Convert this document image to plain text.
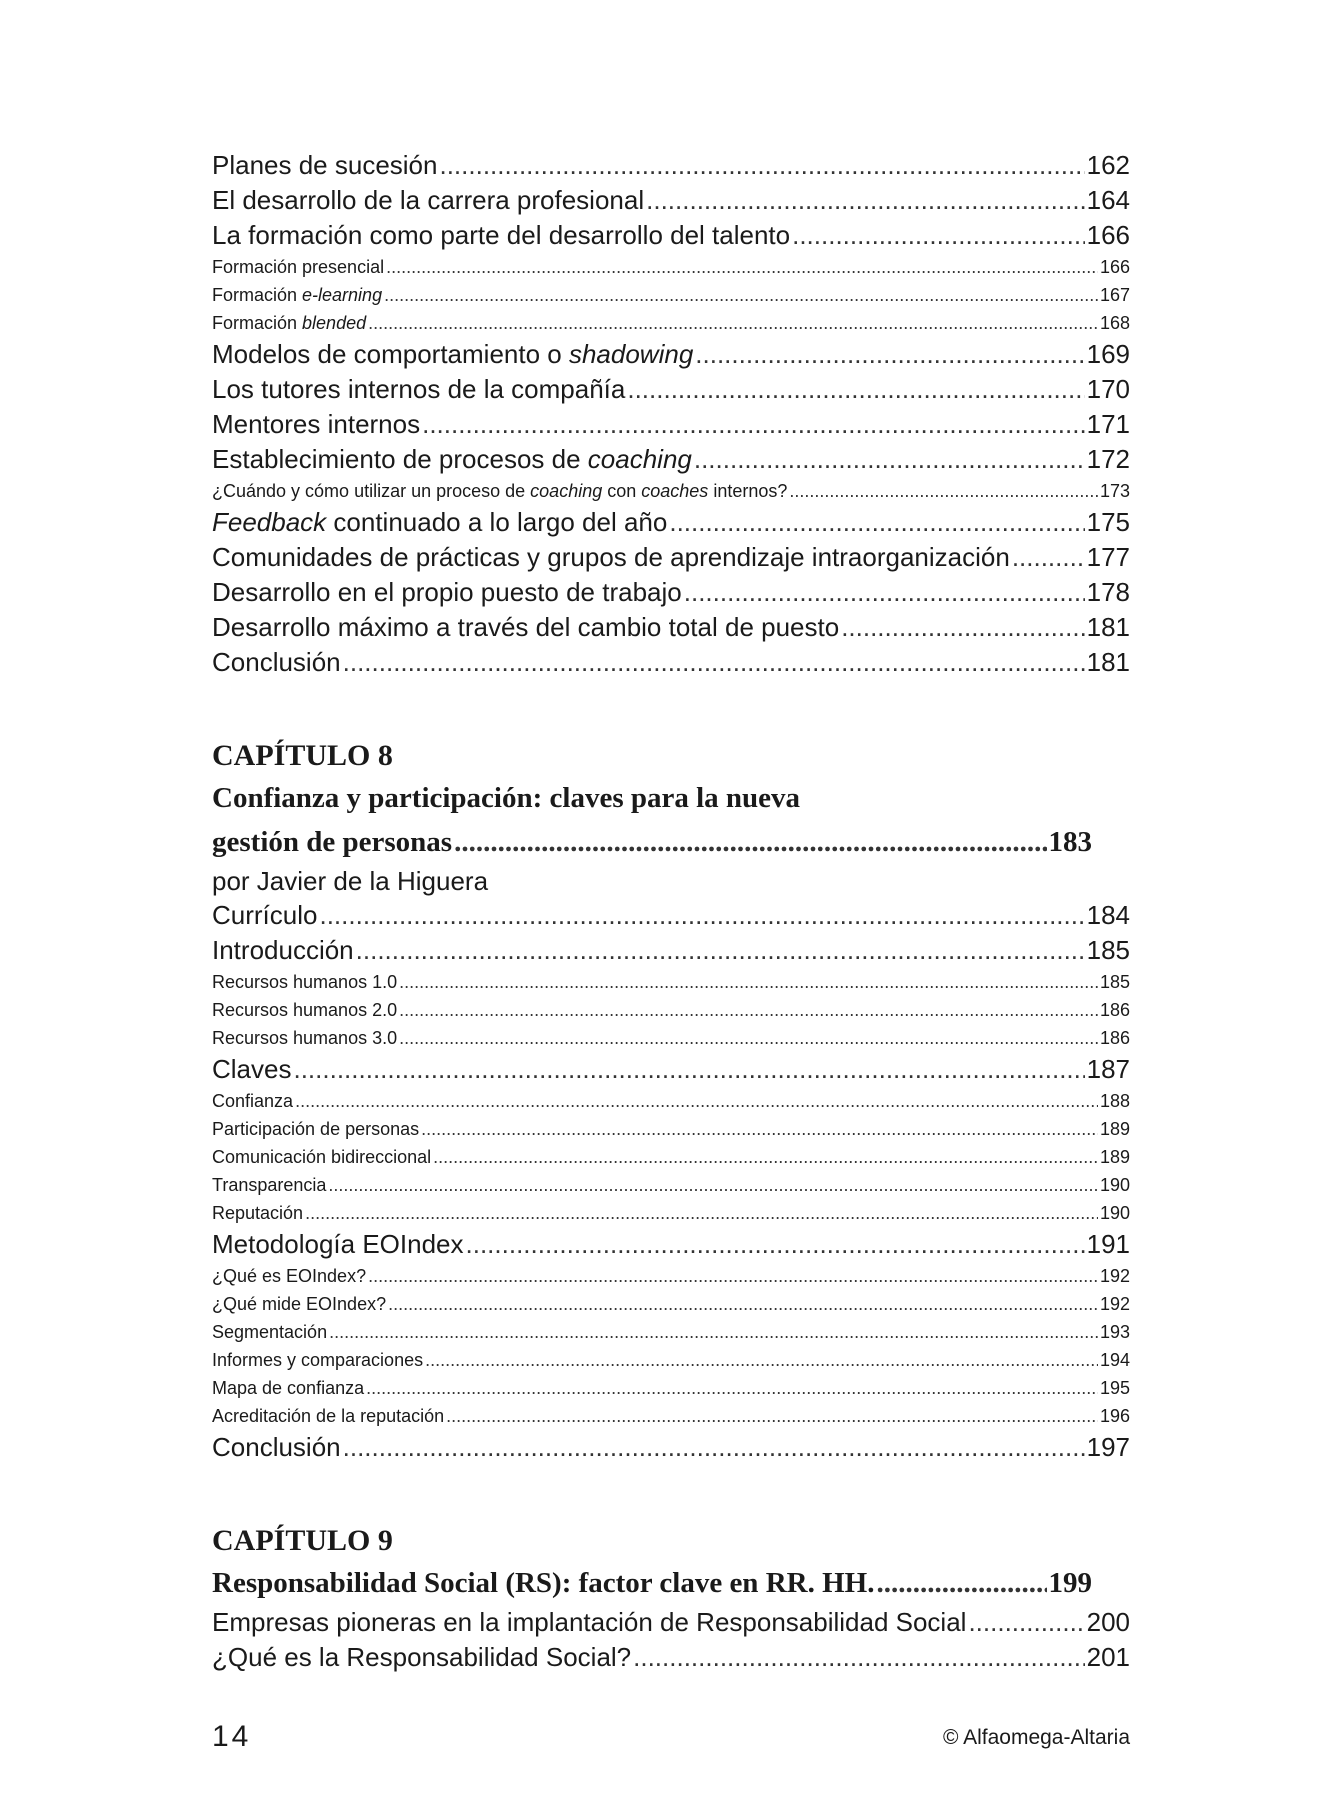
Planes de sucesión .....	162
El desarrollo de la carrera profesional .....	164
La formación como parte del desarrollo del talento .....	166
Formación presencial .....	166
Formación e-learning .....	167
Formación blended .....	168
Modelos de comportamiento o shadowing .....	169
Los tutores internos de la compañía .....	170
Mentores internos .....	171
Establecimiento de procesos de coaching .....	172
¿Cuándo y cómo utilizar un proceso de coaching con coaches internos? .....	173
Feedback continuado a lo largo del año .....	175
Comunidades de prácticas y grupos de aprendizaje intraorganización .....	177
Desarrollo en el propio puesto de trabajo .....	178
Desarrollo máximo a través del cambio total de puesto .....	181
Conclusión .....	181
CAPÍTULO 8
Confianza y participación: claves para la nueva
gestión de personas .....	183
por Javier de la Higuera
Currículo .....	184
Introducción .....	185
Recursos humanos 1.0 .....	185
Recursos humanos 2.0 .....	186
Recursos humanos 3.0 .....	186
Claves .....	187
Confianza .....	188
Participación de personas .....	189
Comunicación bidireccional .....	189
Transparencia .....	190
Reputación .....	190
Metodología EOIndex .....	191
¿Qué es EOIndex? .....	192
¿Qué mide EOIndex? .....	192
Segmentación .....	193
Informes y comparaciones .....	194
Mapa de confianza .....	195
Acreditación de la reputación .....	196
Conclusión .....	197
CAPÍTULO 9
Responsabilidad Social (RS): factor clave en RR. HH. .....	199
Empresas pioneras en la implantación de Responsabilidad Social .....	200
¿Qué es la Responsabilidad Social? .....	201
14	© Alfaomega-Altaria
